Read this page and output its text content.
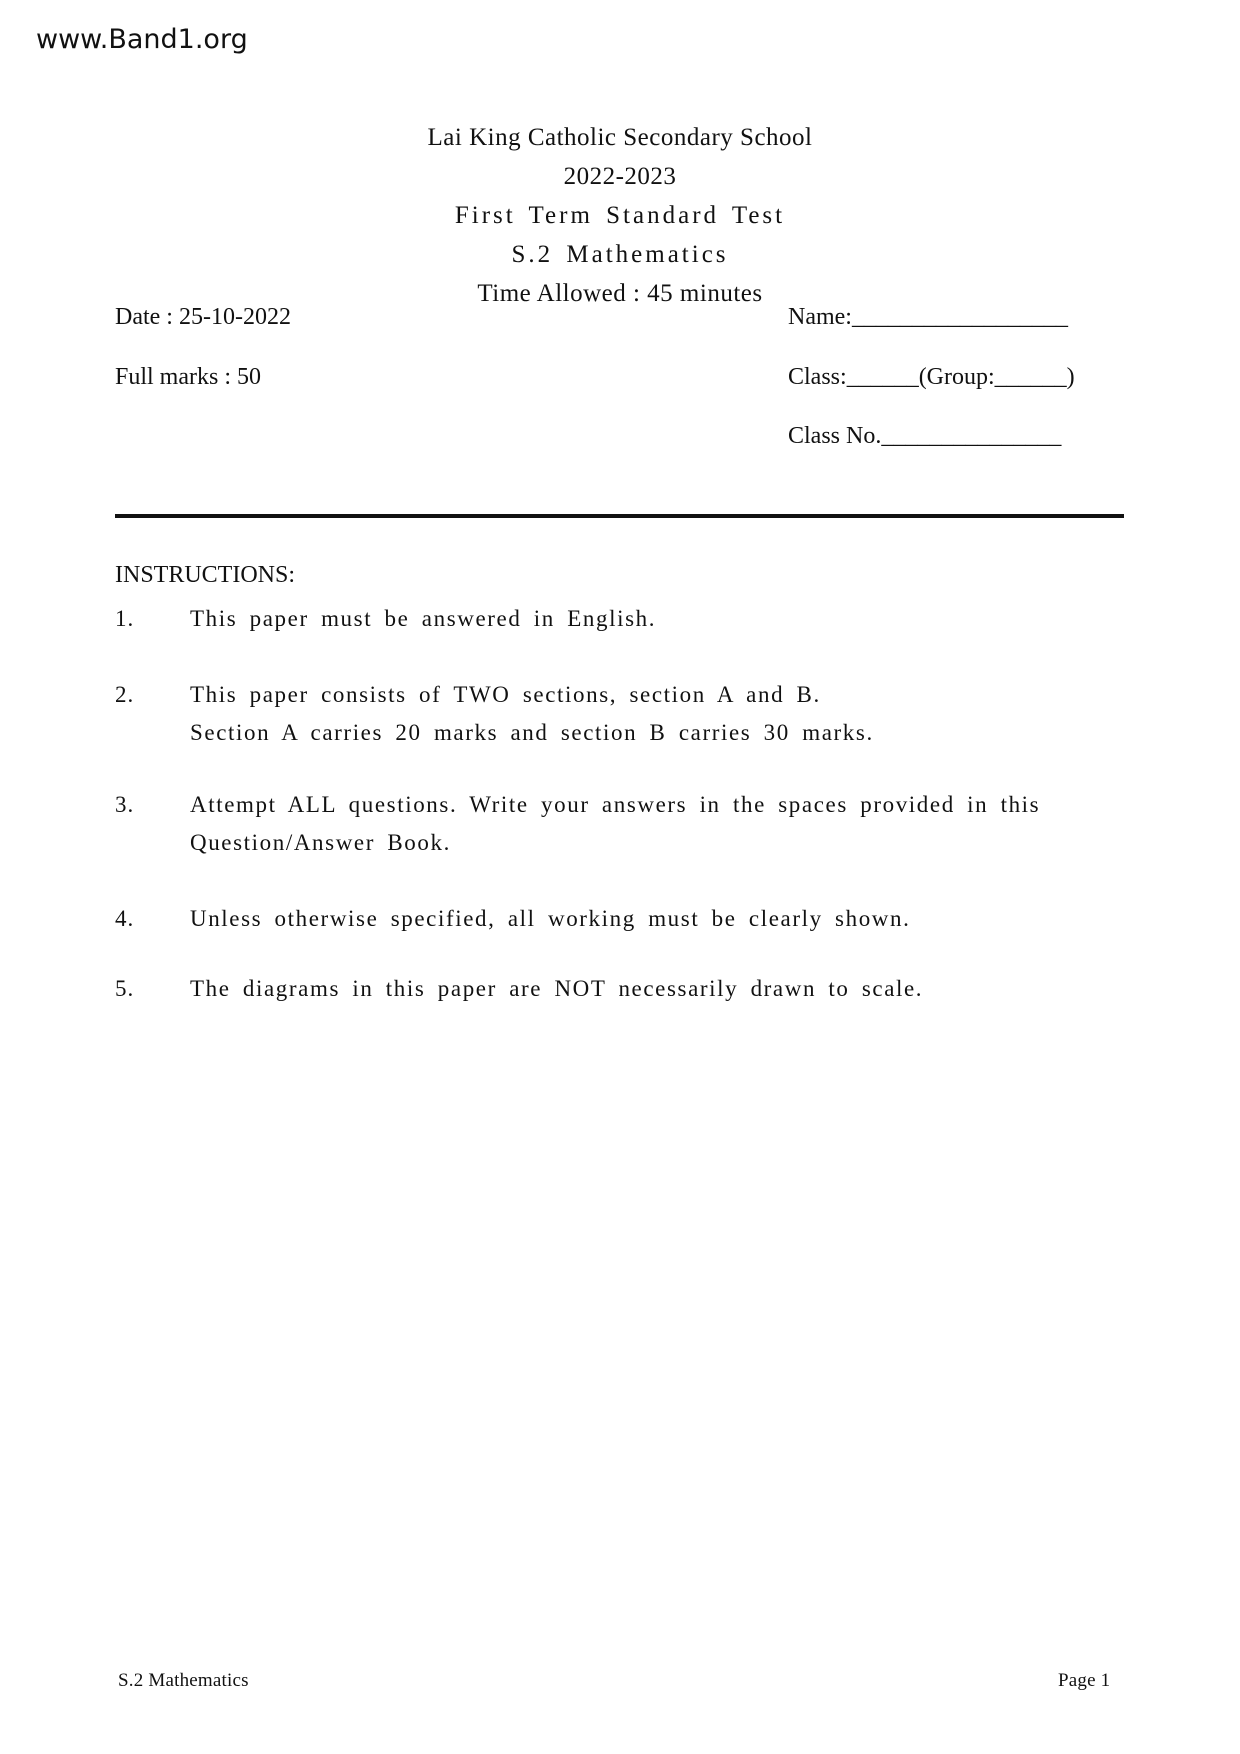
www.Band1.org
Lai King Catholic Secondary School
2022-2023
First Term Standard Test
S.2 Mathematics
Time Allowed : 45 minutes
Date : 25-10-2022	Name:__________________
Full marks : 50	Class:______(Group:______)
Class No._______________
INSTRUCTIONS:
1. This paper must be answered in English.
2. This paper consists of TWO sections, section A and B.
Section A carries 20 marks and section B carries 30 marks.
3. Attempt ALL questions. Write your answers in the spaces provided in this
Question/Answer Book.
4. Unless otherwise specified, all working must be clearly shown.
5. The diagrams in this paper are NOT necessarily drawn to scale.
S.2 Mathematics	Page 1
